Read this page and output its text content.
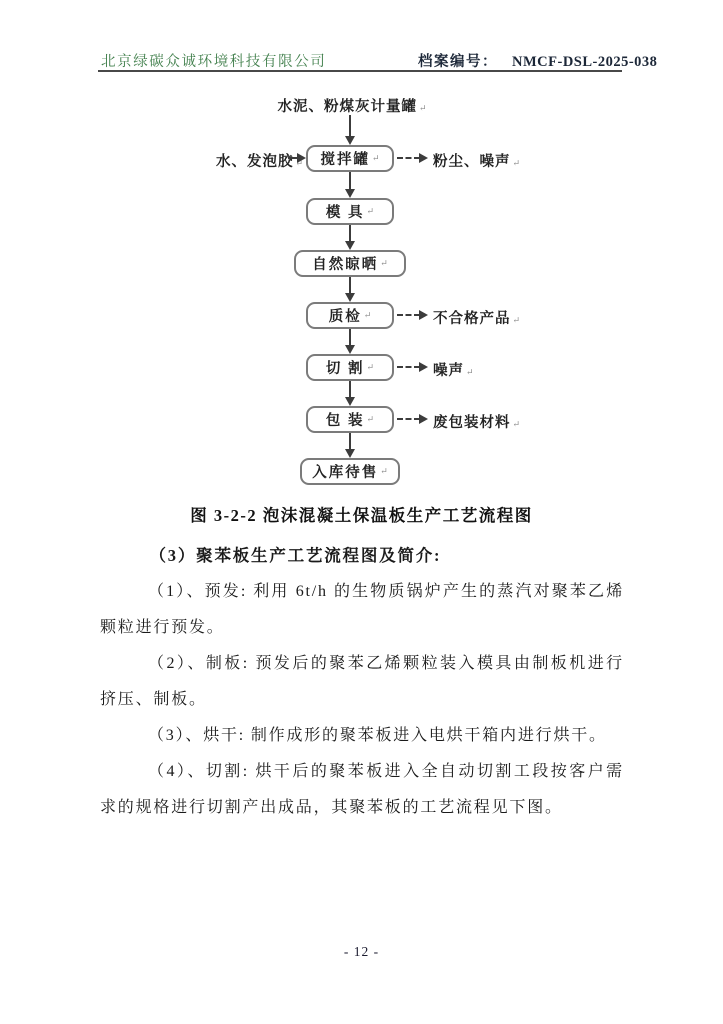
北京绿碳众诚环境科技有限公司	档案编号： NMCF-DSL-2025-038
水泥、粉煤灰计量罐 ↵
搅拌罐 ↵
水、发泡胶 ↵	粉尘、噪声 ↵
模 具 ↵
自然晾晒 ↵
质检 ↵	不合格产品 ↵
切 割 ↵	噪声 ↵
包 装 ↵	废包装材料 ↵
入库待售 ↵
图 3-2-2 泡沫混凝土保温板生产工艺流程图

（3）聚苯板生产工艺流程图及简介:

（1）、预发: 利用 6t/h 的生物质锅炉产生的蒸汽对聚苯乙烯颗粒进行预发。

（2）、制板: 预发后的聚苯乙烯颗粒装入模具由制板机进行挤压、制板。

（3）、烘干: 制作成形的聚苯板进入电烘干箱内进行烘干。

（4）、切割: 烘干后的聚苯板进入全自动切割工段按客户需求的规格进行切割产出成品，其聚苯板的工艺流程见下图。

- 12 -
